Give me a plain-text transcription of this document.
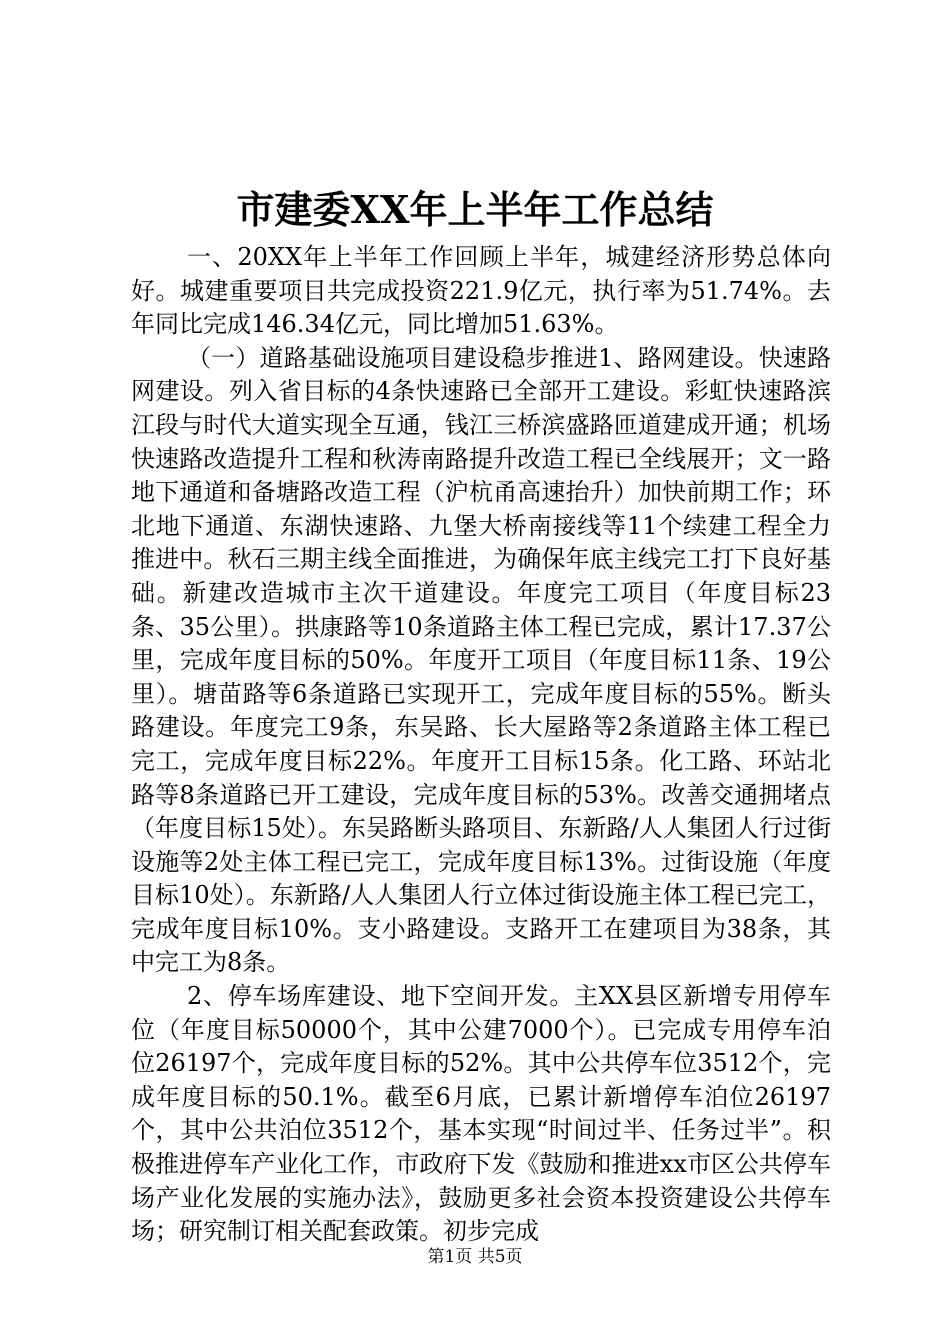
市建委XX年上半年工作总结

一、20XX年上半年工作回顾上半年，城建经济形势总体向好。城建重要项目共完成投资221.9亿元，执行率为51.74%。去年同比完成146.34亿元，同比增加51.63%。

（一）道路基础设施项目建设稳步推进1、路网建设。快速路网建设。列入省目标的4条快速路已全部开工建设。彩虹快速路滨江段与时代大道实现全互通，钱江三桥滨盛路匝道建成开通；机场快速路改造提升工程和秋涛南路提升改造工程已全线展开；文一路地下通道和备塘路改造工程（沪杭甬高速抬升）加快前期工作；环北地下通道、东湖快速路、九堡大桥南接线等11个续建工程全力推进中。秋石三期主线全面推进，为确保年底主线完工打下良好基础。新建改造城市主次干道建设。年度完工项目（年度目标23条、35公里）。拱康路等10条道路主体工程已完成，累计17.37公里，完成年度目标的50%。年度开工项目（年度目标11条、19公里）。塘苗路等6条道路已实现开工，完成年度目标的55%。断头路建设。年度完工9条，东吴路、长大屋路等2条道路主体工程已完工，完成年度目标22%。年度开工目标15条。化工路、环站北路等8条道路已开工建设，完成年度目标的53%。改善交通拥堵点（年度目标15处）。东吴路断头路项目、东新路/人人集团人行过街设施等2处主体工程已完工，完成年度目标13%。过街设施（年度目标10处）。东新路/人人集团人行立体过街设施主体工程已完工，完成年度目标10%。支小路建设。支路开工在建项目为38条，其中完工为8条。

2、停车场库建设、地下空间开发。主XX县区新增专用停车位（年度目标50000个，其中公建7000个）。已完成专用停车泊位26197个，完成年度目标的52%。其中公共停车位3512个，完成年度目标的50.1%。截至6月底，已累计新增停车泊位26197个，其中公共泊位3512个，基本实现“时间过半、任务过半”。积极推进停车产业化工作，市政府下发《鼓励和推进xx市区公共停车场产业化发展的实施办法》，鼓励更多社会资本投资建设公共停车场；研究制订相关配套政策。初步完成

第1页 共5页
